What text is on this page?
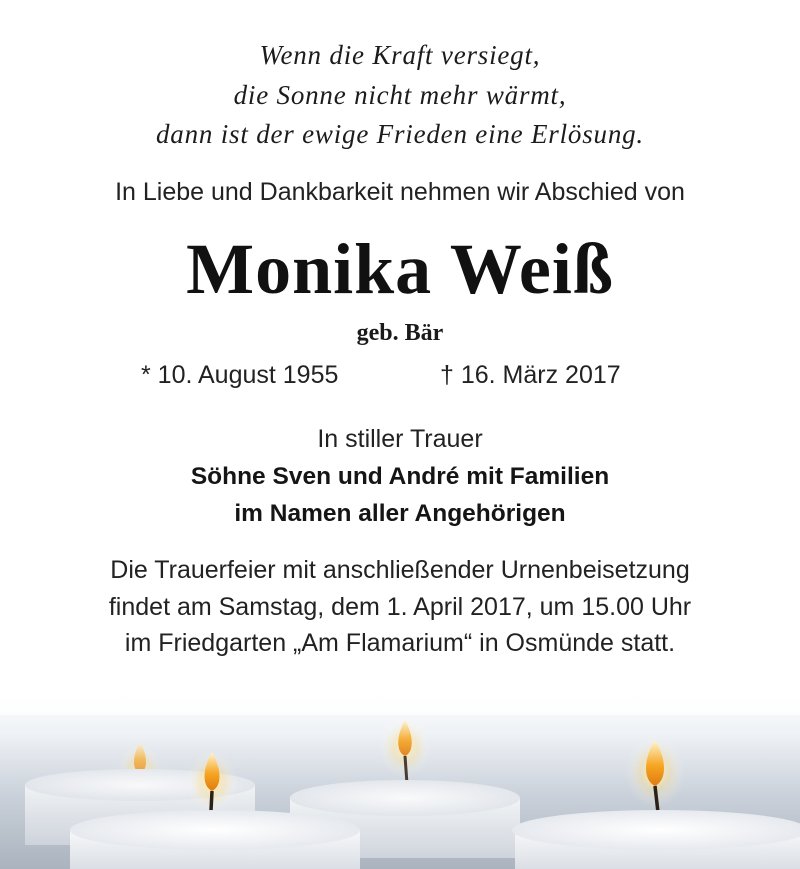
Wenn die Kraft versiegt,
die Sonne nicht mehr wärmt,
dann ist der ewige Frieden eine Erlösung.
In Liebe und Dankbarkeit nehmen wir Abschied von
Monika Weiß
geb. Bär
* 10. August 1955	† 16. März 2017
In stiller Trauer
Söhne Sven und André mit Familien
im Namen aller Angehörigen
Die Trauerfeier mit anschließender Urnenbeisetzung
findet am Samstag, dem 1. April 2017, um 15.00 Uhr
im Friedgarten „Am Flamarium“ in Osmünde statt.
